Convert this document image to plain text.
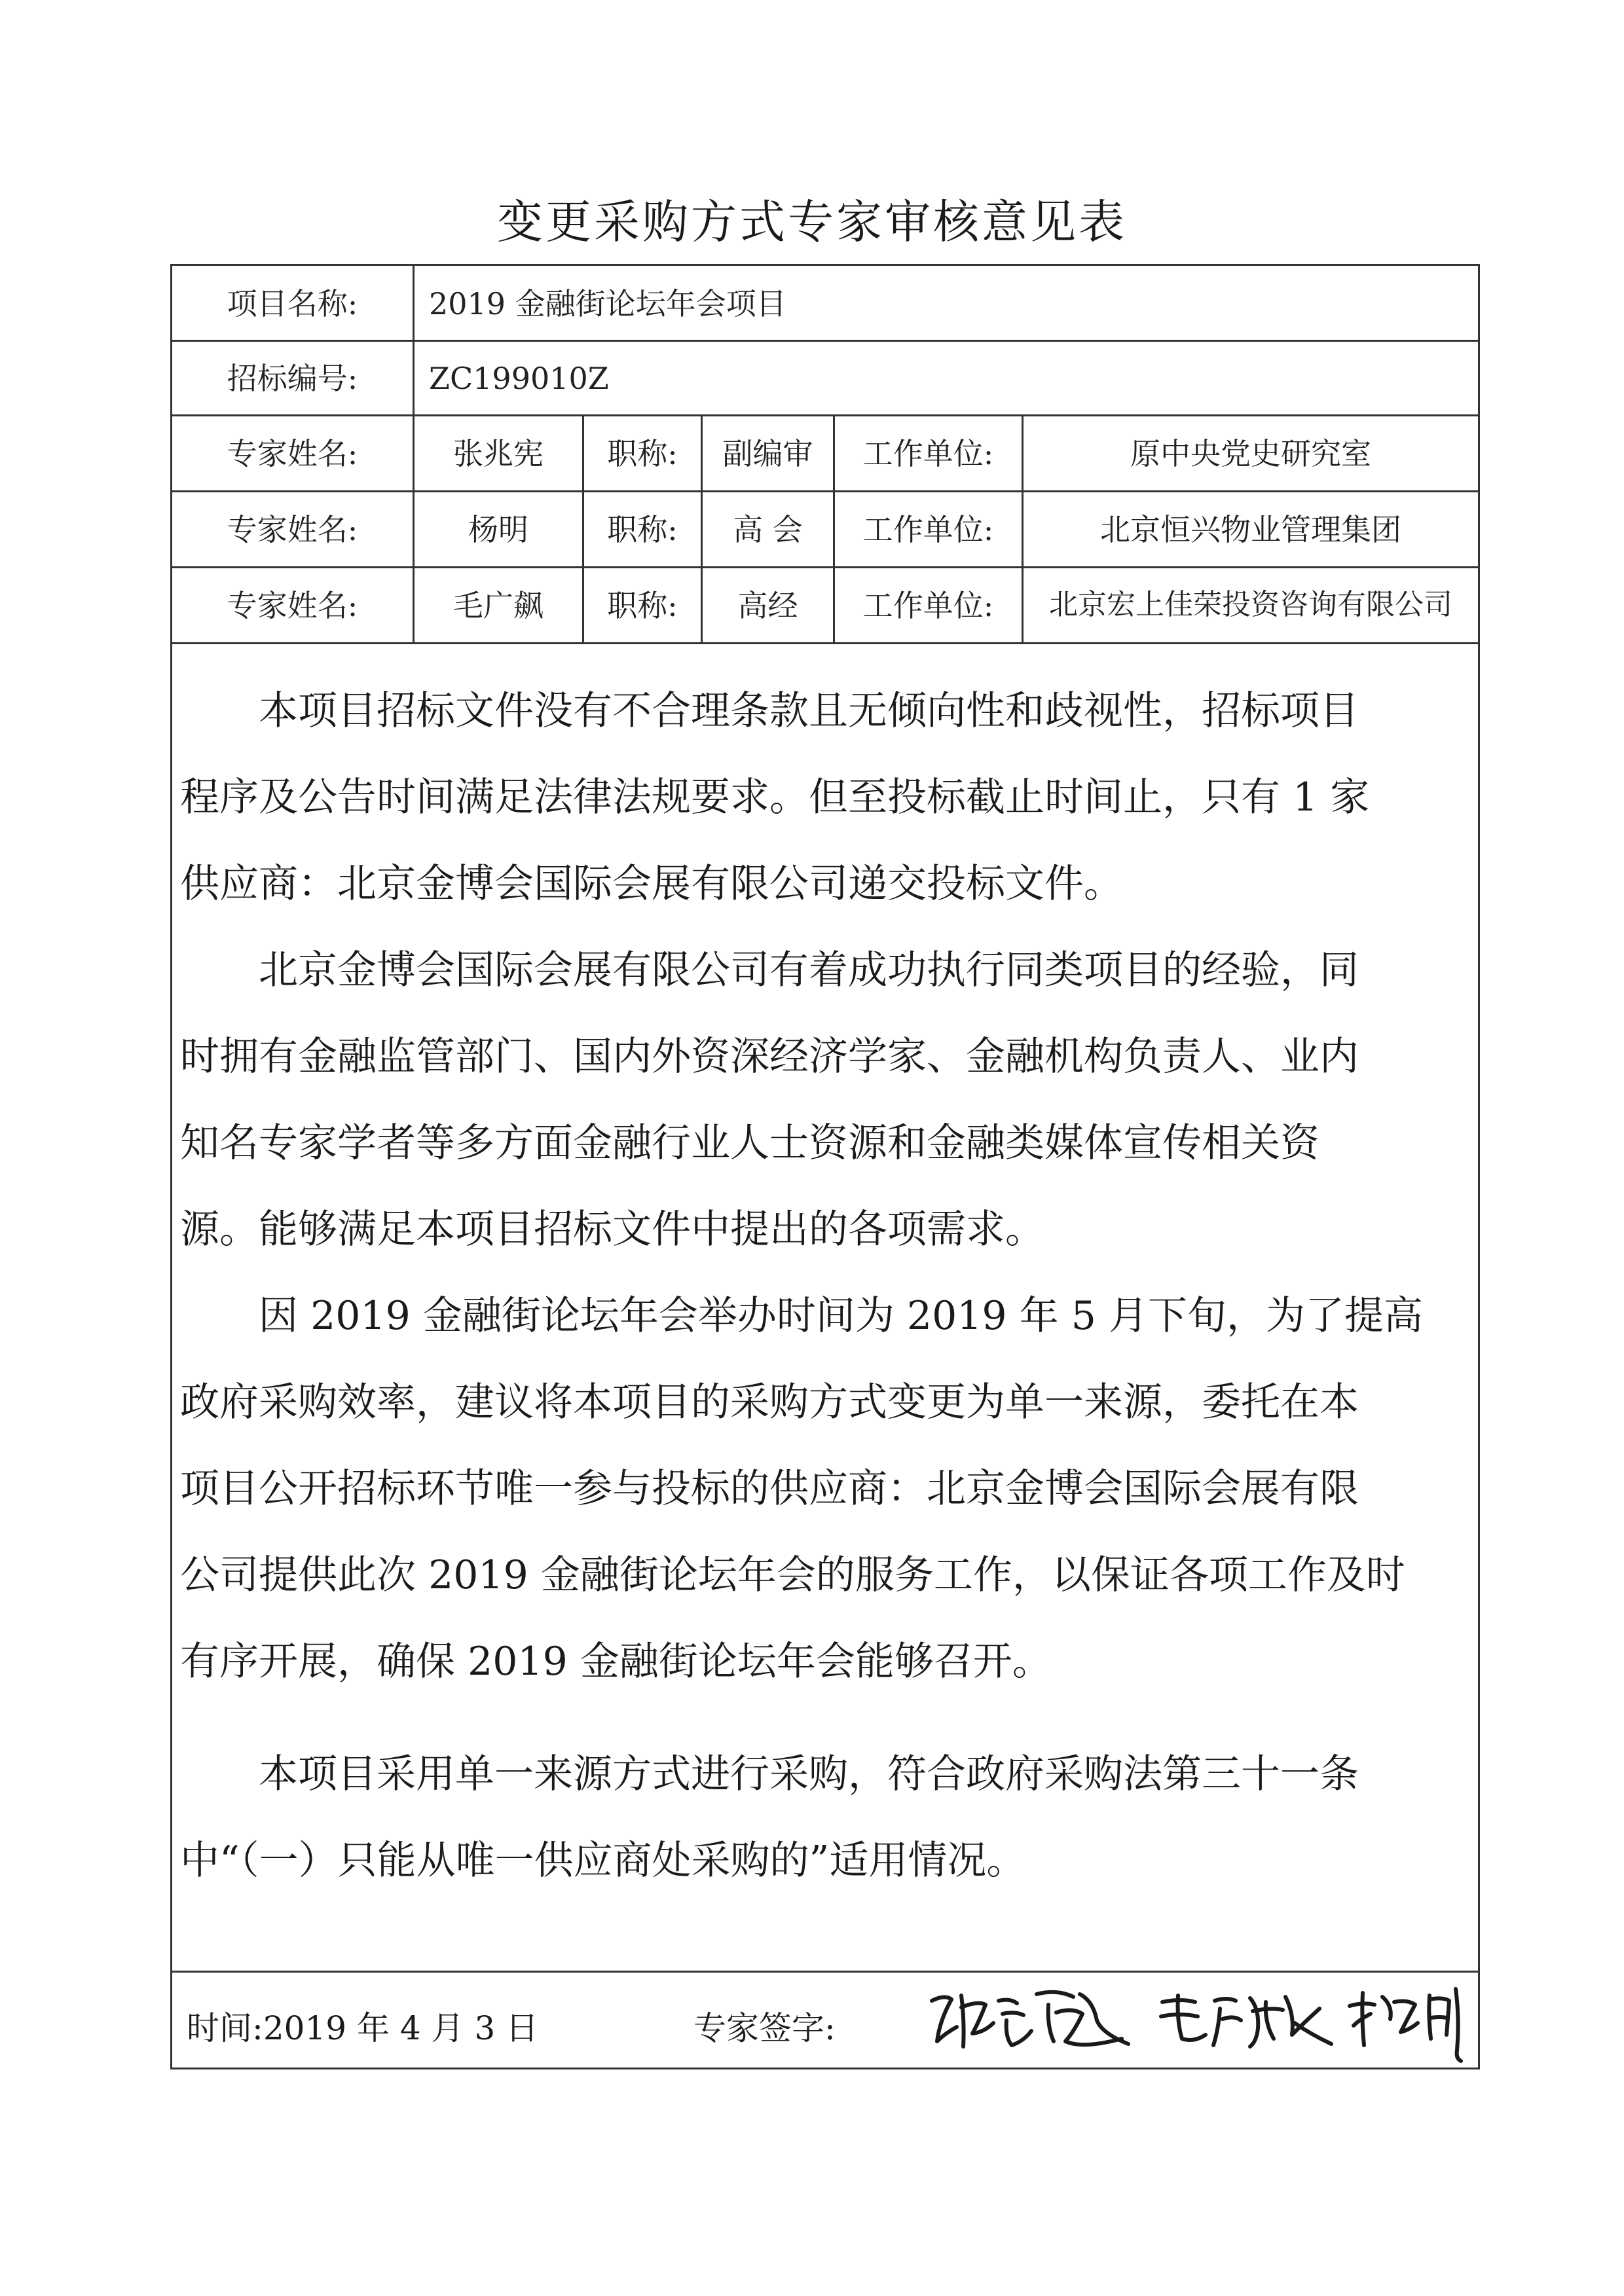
变更采购方式专家审核意见表
项目名称:	2019 金融街论坛年会项目
招标编号:	ZC199010Z
专家姓名:	张兆宪	职称:	副编审	工作单位:	原中央党史研究室
专家姓名:	杨明	职称:	高 会	工作单位:	北京恒兴物业管理集团
专家姓名:	毛广飙	职称:	高经	工作单位:	北京宏上佳荣投资咨询有限公司
　　本项目招标文件没有不合理条款且无倾向性和歧视性，招标项目
程序及公告时间满足法律法规要求。但至投标截止时间止，只有 1 家
供应商：北京金博会国际会展有限公司递交投标文件。
　　北京金博会国际会展有限公司有着成功执行同类项目的经验，同
时拥有金融监管部门、国内外资深经济学家、金融机构负责人、业内
知名专家学者等多方面金融行业人士资源和金融类媒体宣传相关资
源。能够满足本项目招标文件中提出的各项需求。
　　因 2019 金融街论坛年会举办时间为 2019 年 5 月下旬，为了提高
政府采购效率，建议将本项目的采购方式变更为单一来源，委托在本
项目公开招标环节唯一参与投标的供应商：北京金博会国际会展有限
公司提供此次 2019 金融街论坛年会的服务工作，以保证各项工作及时
有序开展，确保 2019 金融街论坛年会能够召开。
　　本项目采用单一来源方式进行采购，符合政府采购法第三十一条
中“（一）只能从唯一供应商处采购的”适用情况。
时间:2019 年 4 月 3 日	专家签字:
